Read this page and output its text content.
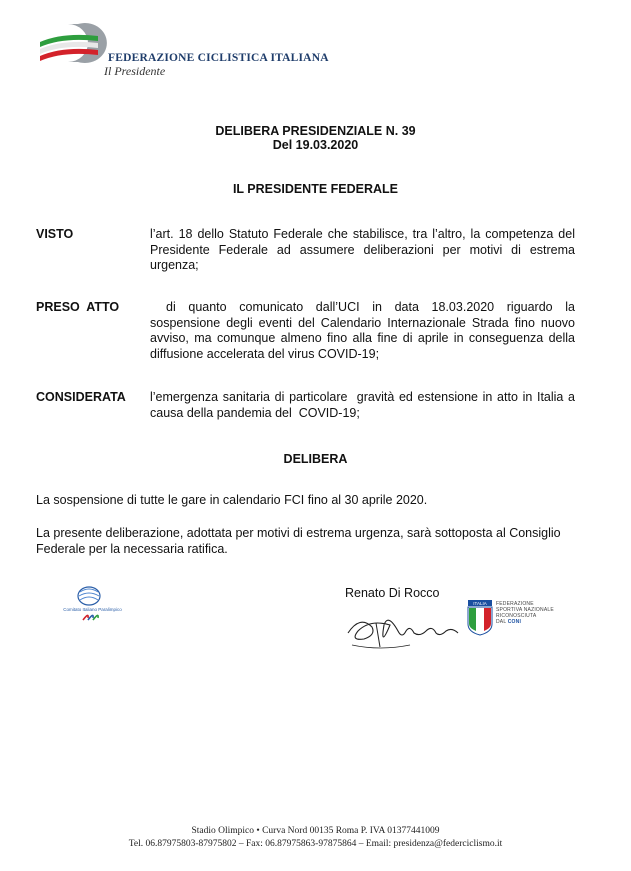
FEDERAZIONE CICLISTICA ITALIANA
Il Presidente
DELIBERA PRESIDENZIALE N. 39
Del 19.03.2020
IL PRESIDENTE FEDERALE
VISTO	l’art. 18 dello Statuto Federale che stabilisce, tra l’altro, la competenza del Presidente Federale ad assumere deliberazioni per motivi di estrema urgenza;
PRESO  ATTO	di quanto comunicato dall’UCI in data 18.03.2020 riguardo la sospensione degli eventi del Calendario Internazionale Strada fino nuovo avviso, ma comunque almeno fino alla fine di aprile in conseguenza della diffusione accelerata del virus COVID-19;
CONSIDERATA l’emergenza sanitaria di particolare  gravità ed estensione in atto in Italia a causa della pandemia del  COVID-19;
DELIBERA
La sospensione di tutte le gare in calendario FCI fino al 30 aprile 2020.
La presente deliberazione, adottata per motivi di estrema urgenza, sarà sottoposta al Consiglio Federale per la necessaria ratifica.
Comitato Italiano Paralimpico
Renato Di Rocco
ITALIA FEDERAZIONE
SPORTIVA NAZIONALE
RICONOSCIUTA
DAL CONI
Stadio Olimpico • Curva Nord 00135 Roma P. IVA 01377441009
Tel. 06.87975803-87975802 – Fax: 06.87975863-97875864 – Email: presidenza@federciclismo.it
